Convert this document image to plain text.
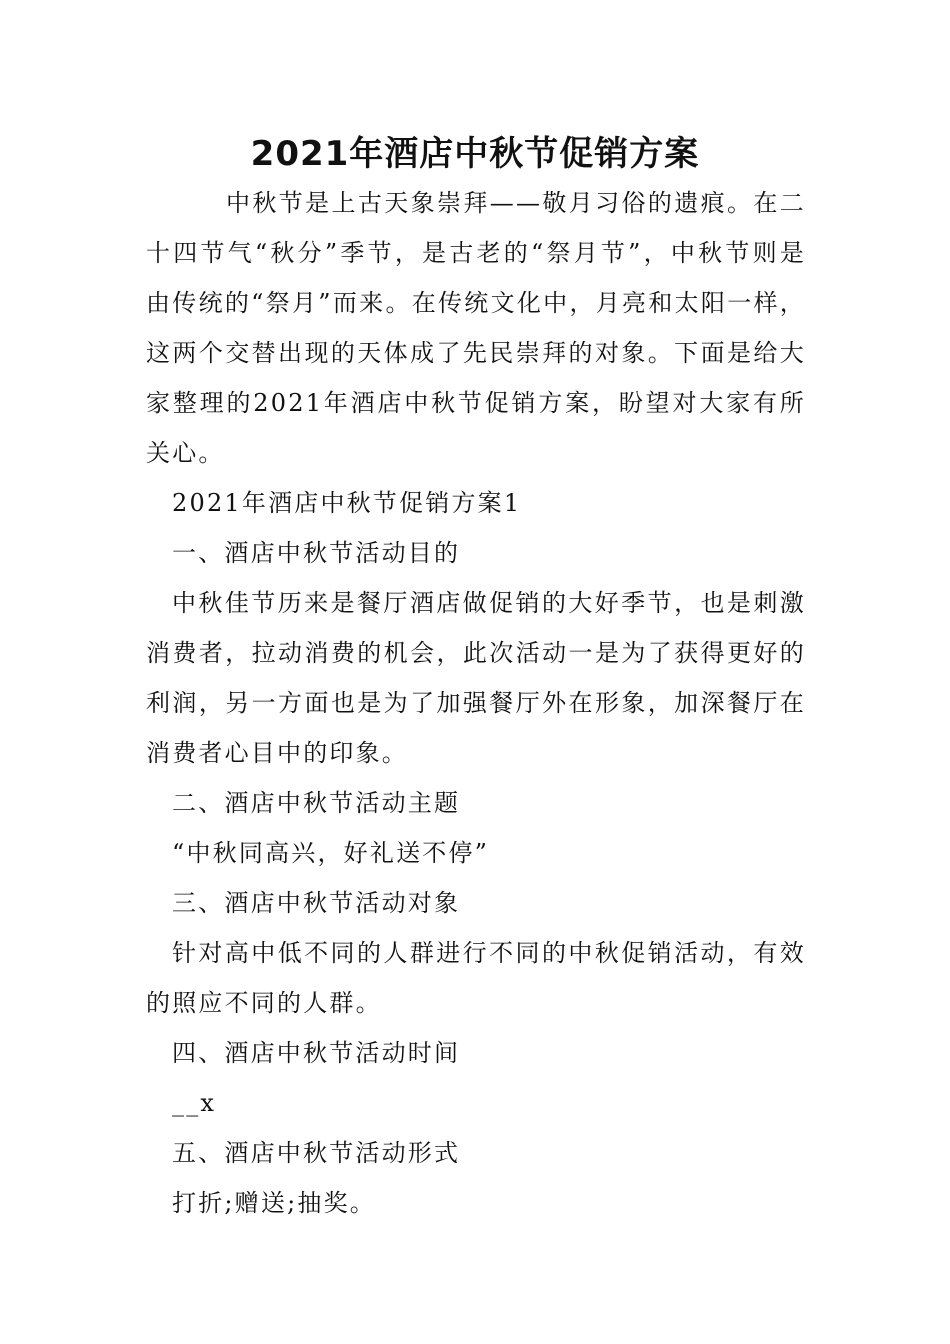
2021年酒店中秋节促销方案
中秋节是上古天象崇拜——敬月习俗的遗痕。在二十四节气“秋分”季节，是古老的“祭月节”，中秋节则是由传统的“祭月”而来。在传统文化中，月亮和太阳一样，这两个交替出现的天体成了先民崇拜的对象。下面是给大家整理的2021年酒店中秋节促销方案，盼望对大家有所关心。
2021年酒店中秋节促销方案1
一、酒店中秋节活动目的
中秋佳节历来是餐厅酒店做促销的大好季节，也是刺激消费者，拉动消费的机会，此次活动一是为了获得更好的利润，另一方面也是为了加强餐厅外在形象，加深餐厅在消费者心目中的印象。
二、酒店中秋节活动主题
“中秋同高兴，好礼送不停”
三、酒店中秋节活动对象
针对高中低不同的人群进行不同的中秋促销活动，有效的照应不同的人群。
四、酒店中秋节活动时间
__x
五、酒店中秋节活动形式
打折;赠送;抽奖。
